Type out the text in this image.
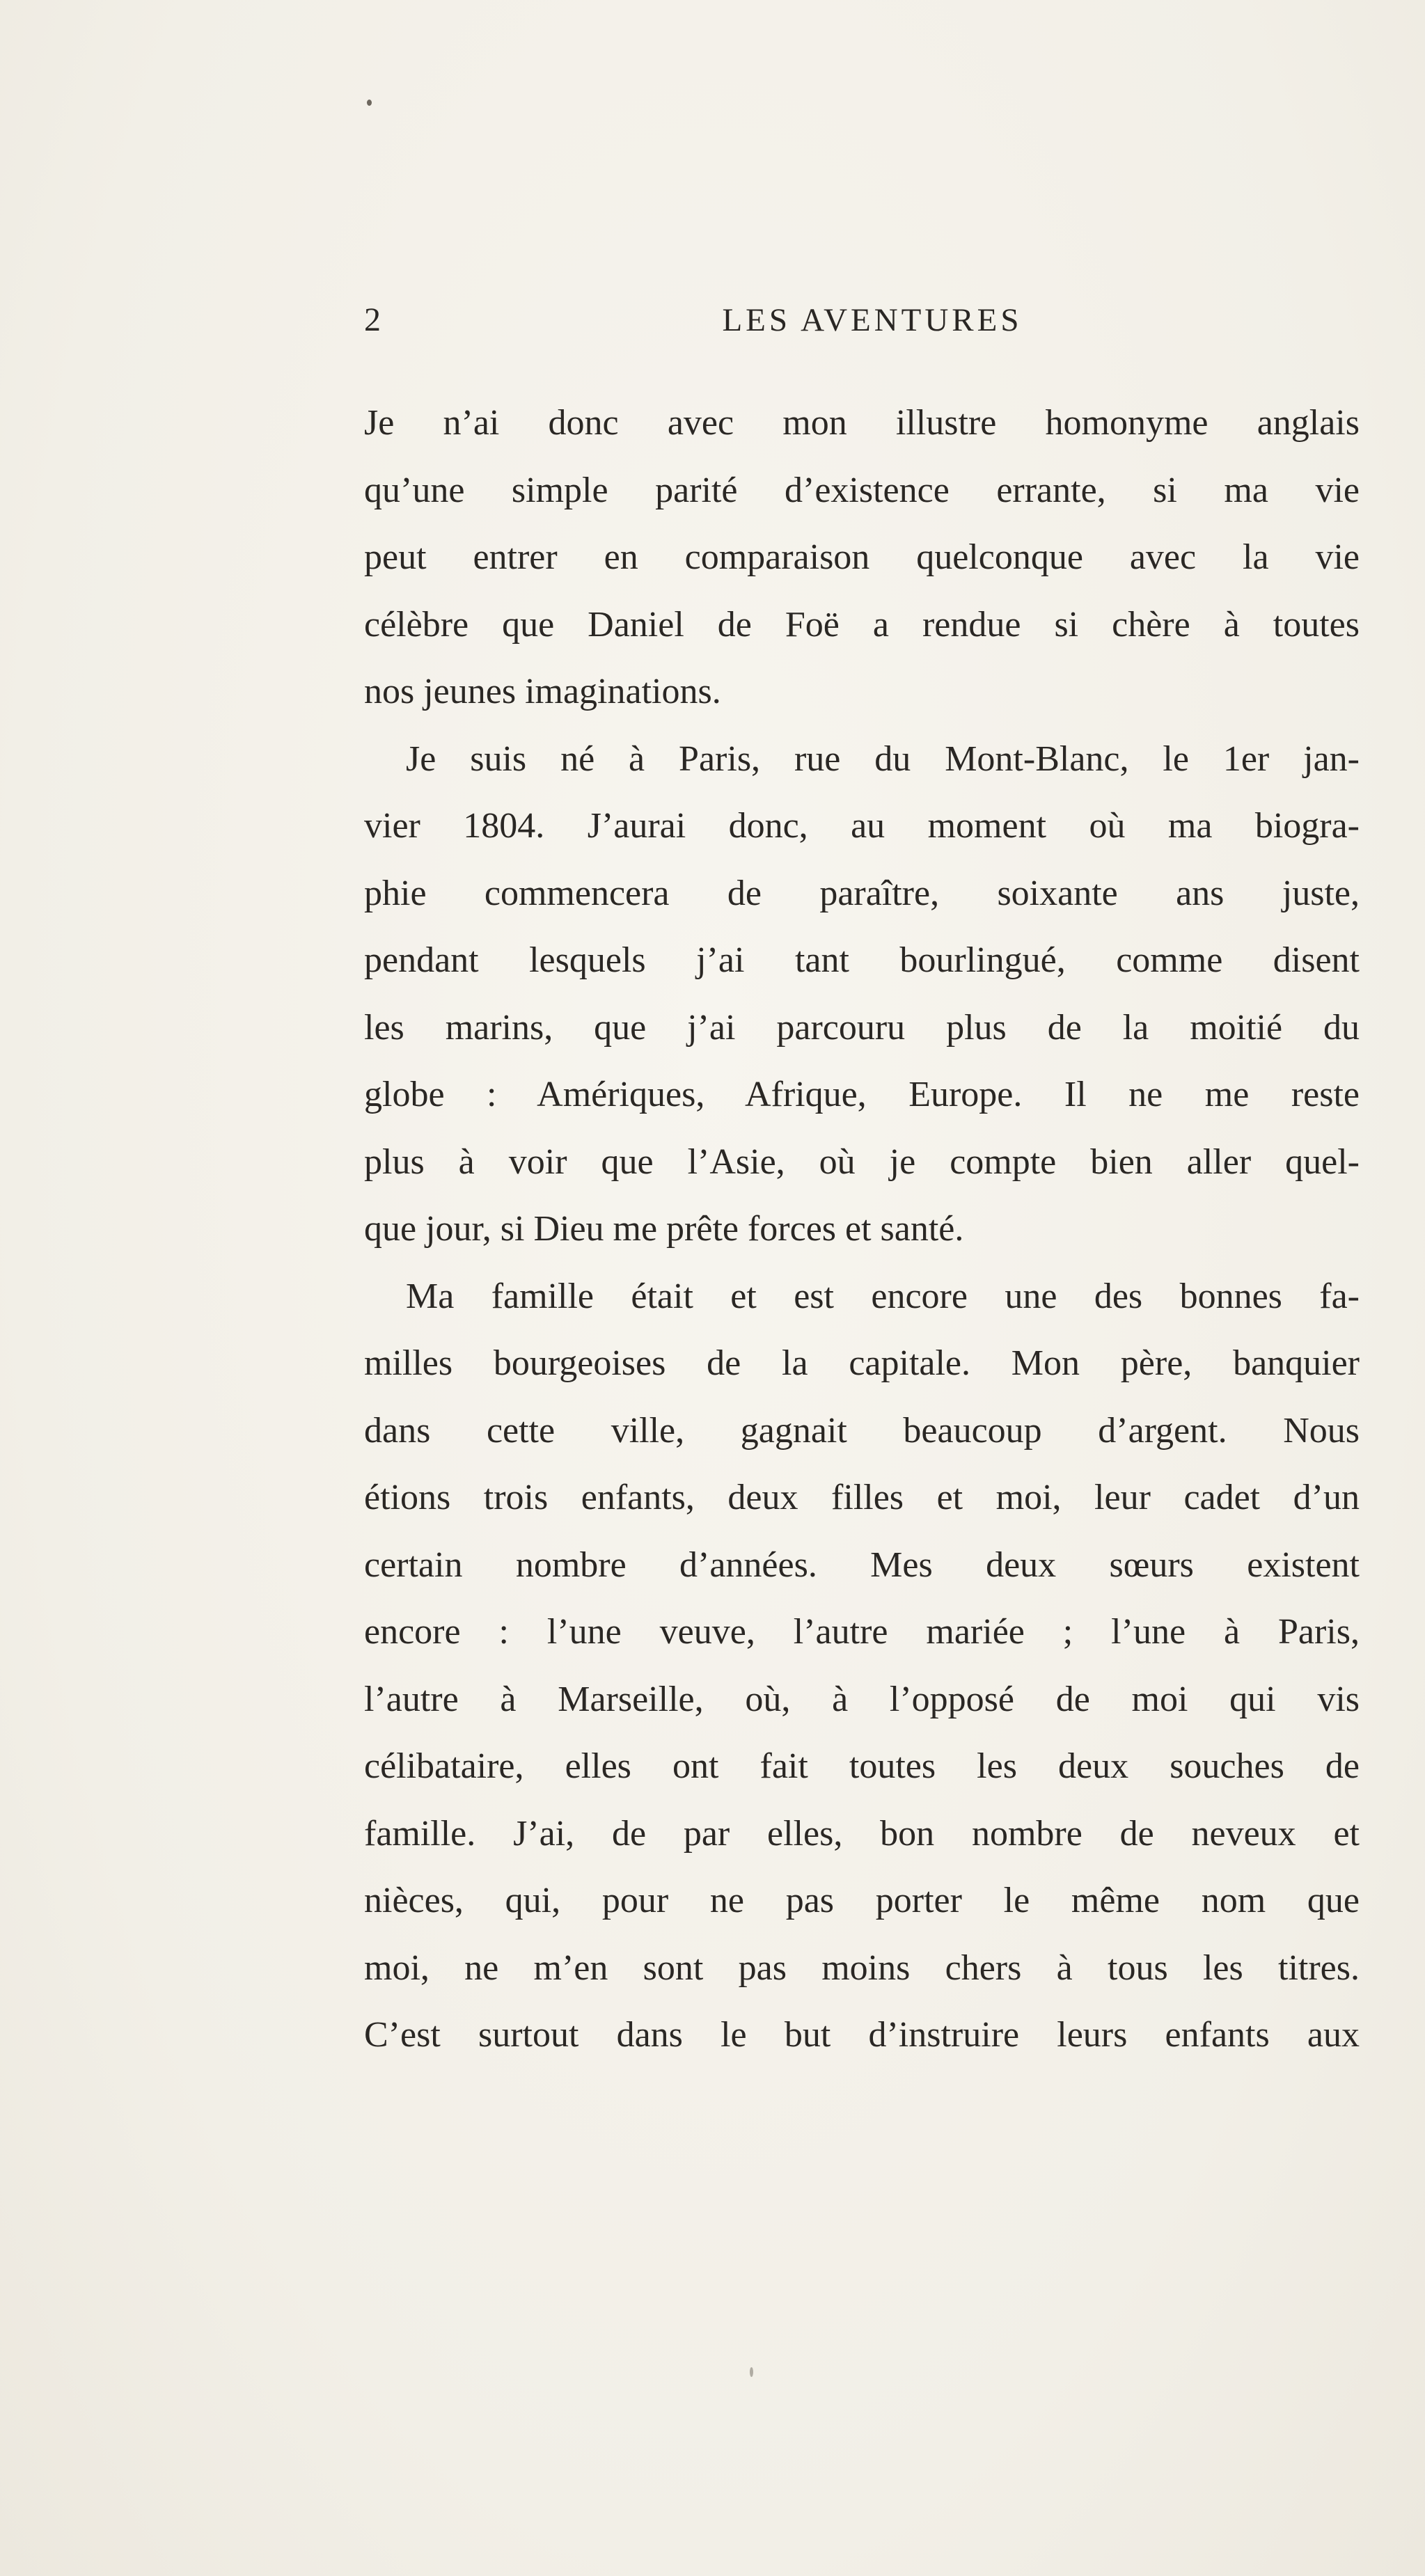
2	LES AVENTURES
Je n’ai donc avec mon illustre homonyme anglais
qu’une simple parité d’existence errante, si ma vie
peut entrer en comparaison quelconque avec la vie
célèbre que Daniel de Foë a rendue si chère à toutes
nos jeunes imaginations.
Je suis né à Paris, rue du Mont-Blanc, le 1er jan-
vier 1804. J’aurai donc, au moment où ma biogra-
phie commencera de paraître, soixante ans juste,
pendant lesquels j’ai tant bourlingué, comme disent
les marins, que j’ai parcouru plus de la moitié du
globe : Amériques, Afrique, Europe. Il ne me reste
plus à voir que l’Asie, où je compte bien aller quel-
que jour, si Dieu me prête forces et santé.
Ma famille était et est encore une des bonnes fa-
milles bourgeoises de la capitale. Mon père, banquier
dans cette ville, gagnait beaucoup d’argent. Nous
étions trois enfants, deux filles et moi, leur cadet d’un
certain nombre d’années. Mes deux sœurs existent
encore : l’une veuve, l’autre mariée ; l’une à Paris,
l’autre à Marseille, où, à l’opposé de moi qui vis
célibataire, elles ont fait toutes les deux souches de
famille. J’ai, de par elles, bon nombre de neveux et
nièces, qui, pour ne pas porter le même nom que
moi, ne m’en sont pas moins chers à tous les titres.
C’est surtout dans le but d’instruire leurs enfants aux
